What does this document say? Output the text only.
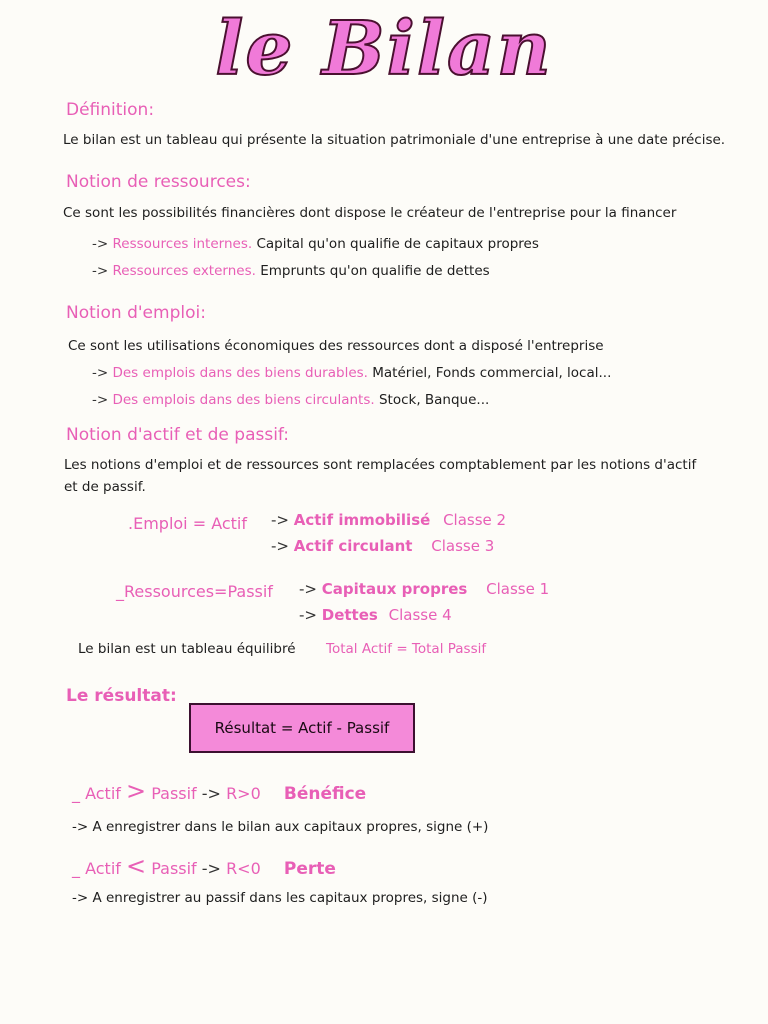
le Bilan
Définition:
Le bilan est un tableau qui présente la situation patrimoniale d'une entreprise à une date précise.
Notion de ressources:
Ce sont les possibilités financières dont dispose le créateur de l'entreprise pour la financer
-> Ressources internes. Capital qu'on qualifie de capitaux propres
-> Ressources externes. Emprunts qu'on qualifie de dettes
Notion d'emploi:
Ce sont les utilisations économiques des ressources dont a disposé l'entreprise
-> Des emplois dans des biens durables. Matériel, Fonds commercial, local...
-> Des emplois dans des biens circulants. Stock, Banque...
Notion d'actif et de passif:
Les notions d'emploi et de ressources sont remplacées comptablement par les notions d'actif
et de passif.
.Emploi = Actif -> Actif immobilisé Classe 2
-> Actif circulant Classe 3
_Ressources=Passif -> Capitaux propres Classe 1
-> Dettes Classe 4
Le bilan est un tableau équilibré Total Actif = Total Passif
Le résultat:
Résultat = Actif - Passif
_ Actif > Passif -> R>0 Bénéfice
-> A enregistrer dans le bilan aux capitaux propres, signe (+)
_ Actif < Passif -> R<0 Perte
-> A enregistrer au passif dans les capitaux propres, signe (-)
